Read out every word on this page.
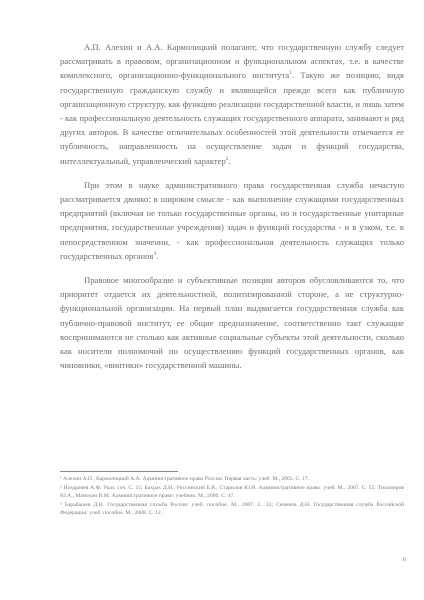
А.П. Алехин и А.А. Кармолицкий полагают, что государственную службу следует рассматривать в правовом, организационном и функциональном аспектах, т.е. в качестве комплексного, организационно-функционального института$^1$. Такую же позицию, видя государственную гражданскую службу и являющейся прежде всего как публичную организационную структуру, как функцию реализации государственной власти, и лишь затем - как профессиональную деятельность служащих государственного аппарата, занимают и ряд других авторов. В качестве отличительных особенностей этой деятельности отмечается ее публичность, направленность на осуществление задач и функций государства, интеллектуальный, управленческий характер$^2$.

При этом в науке административного права государственная служба нечастую рассматривается двояко: в широком смысле - как выполнение служащими государственных предприятий (включая не только государственные органы, но и государственные унитарные предприятия, государственные учреждения) задач и функций государства - и в узком, т.е. в непосредственном значении, - как профессиональная деятельность служащих только государственных органов$^3$.

Правовое многообразие и субъективные позиции авторов обусловливаются то, что приоритет отдается их деятельностной, политизированной стороне, а не структурно-функциональной организации. На первый план выдвигается государственная служба как публично-правовой институт, ее общие предназначение, соответственно такт служащие воспринимаются не столько как активные социальные субъекты этой деятельности, сколько как носители полномочий по осуществлению функций государственных органов, как чиновники, «винтики» государственной машины.

¹ Алехин А.П., Кармолицкий А.А. Административное право России. Первая часть: учеб. М., 2005. С. 17.

² Ноздрачев А.Ф. Указ. соч. С. 15; Бахрах Д.Н., Россинский Б.В., Старилов Ю.Н. Административное право: учеб. М., 2007. С. 55; Тихомиров Ю.А., Манохин В.М. Административное право: учебник. М., 2006. С. 47.

³ Барабашев Д.Н. Государственная служба России: учеб. пособие. М., 2007. С. 33; Семенов Д.Н. Государственная служба Российской Федерации: учеб. пособие. М., 2008. С. 12.

6
